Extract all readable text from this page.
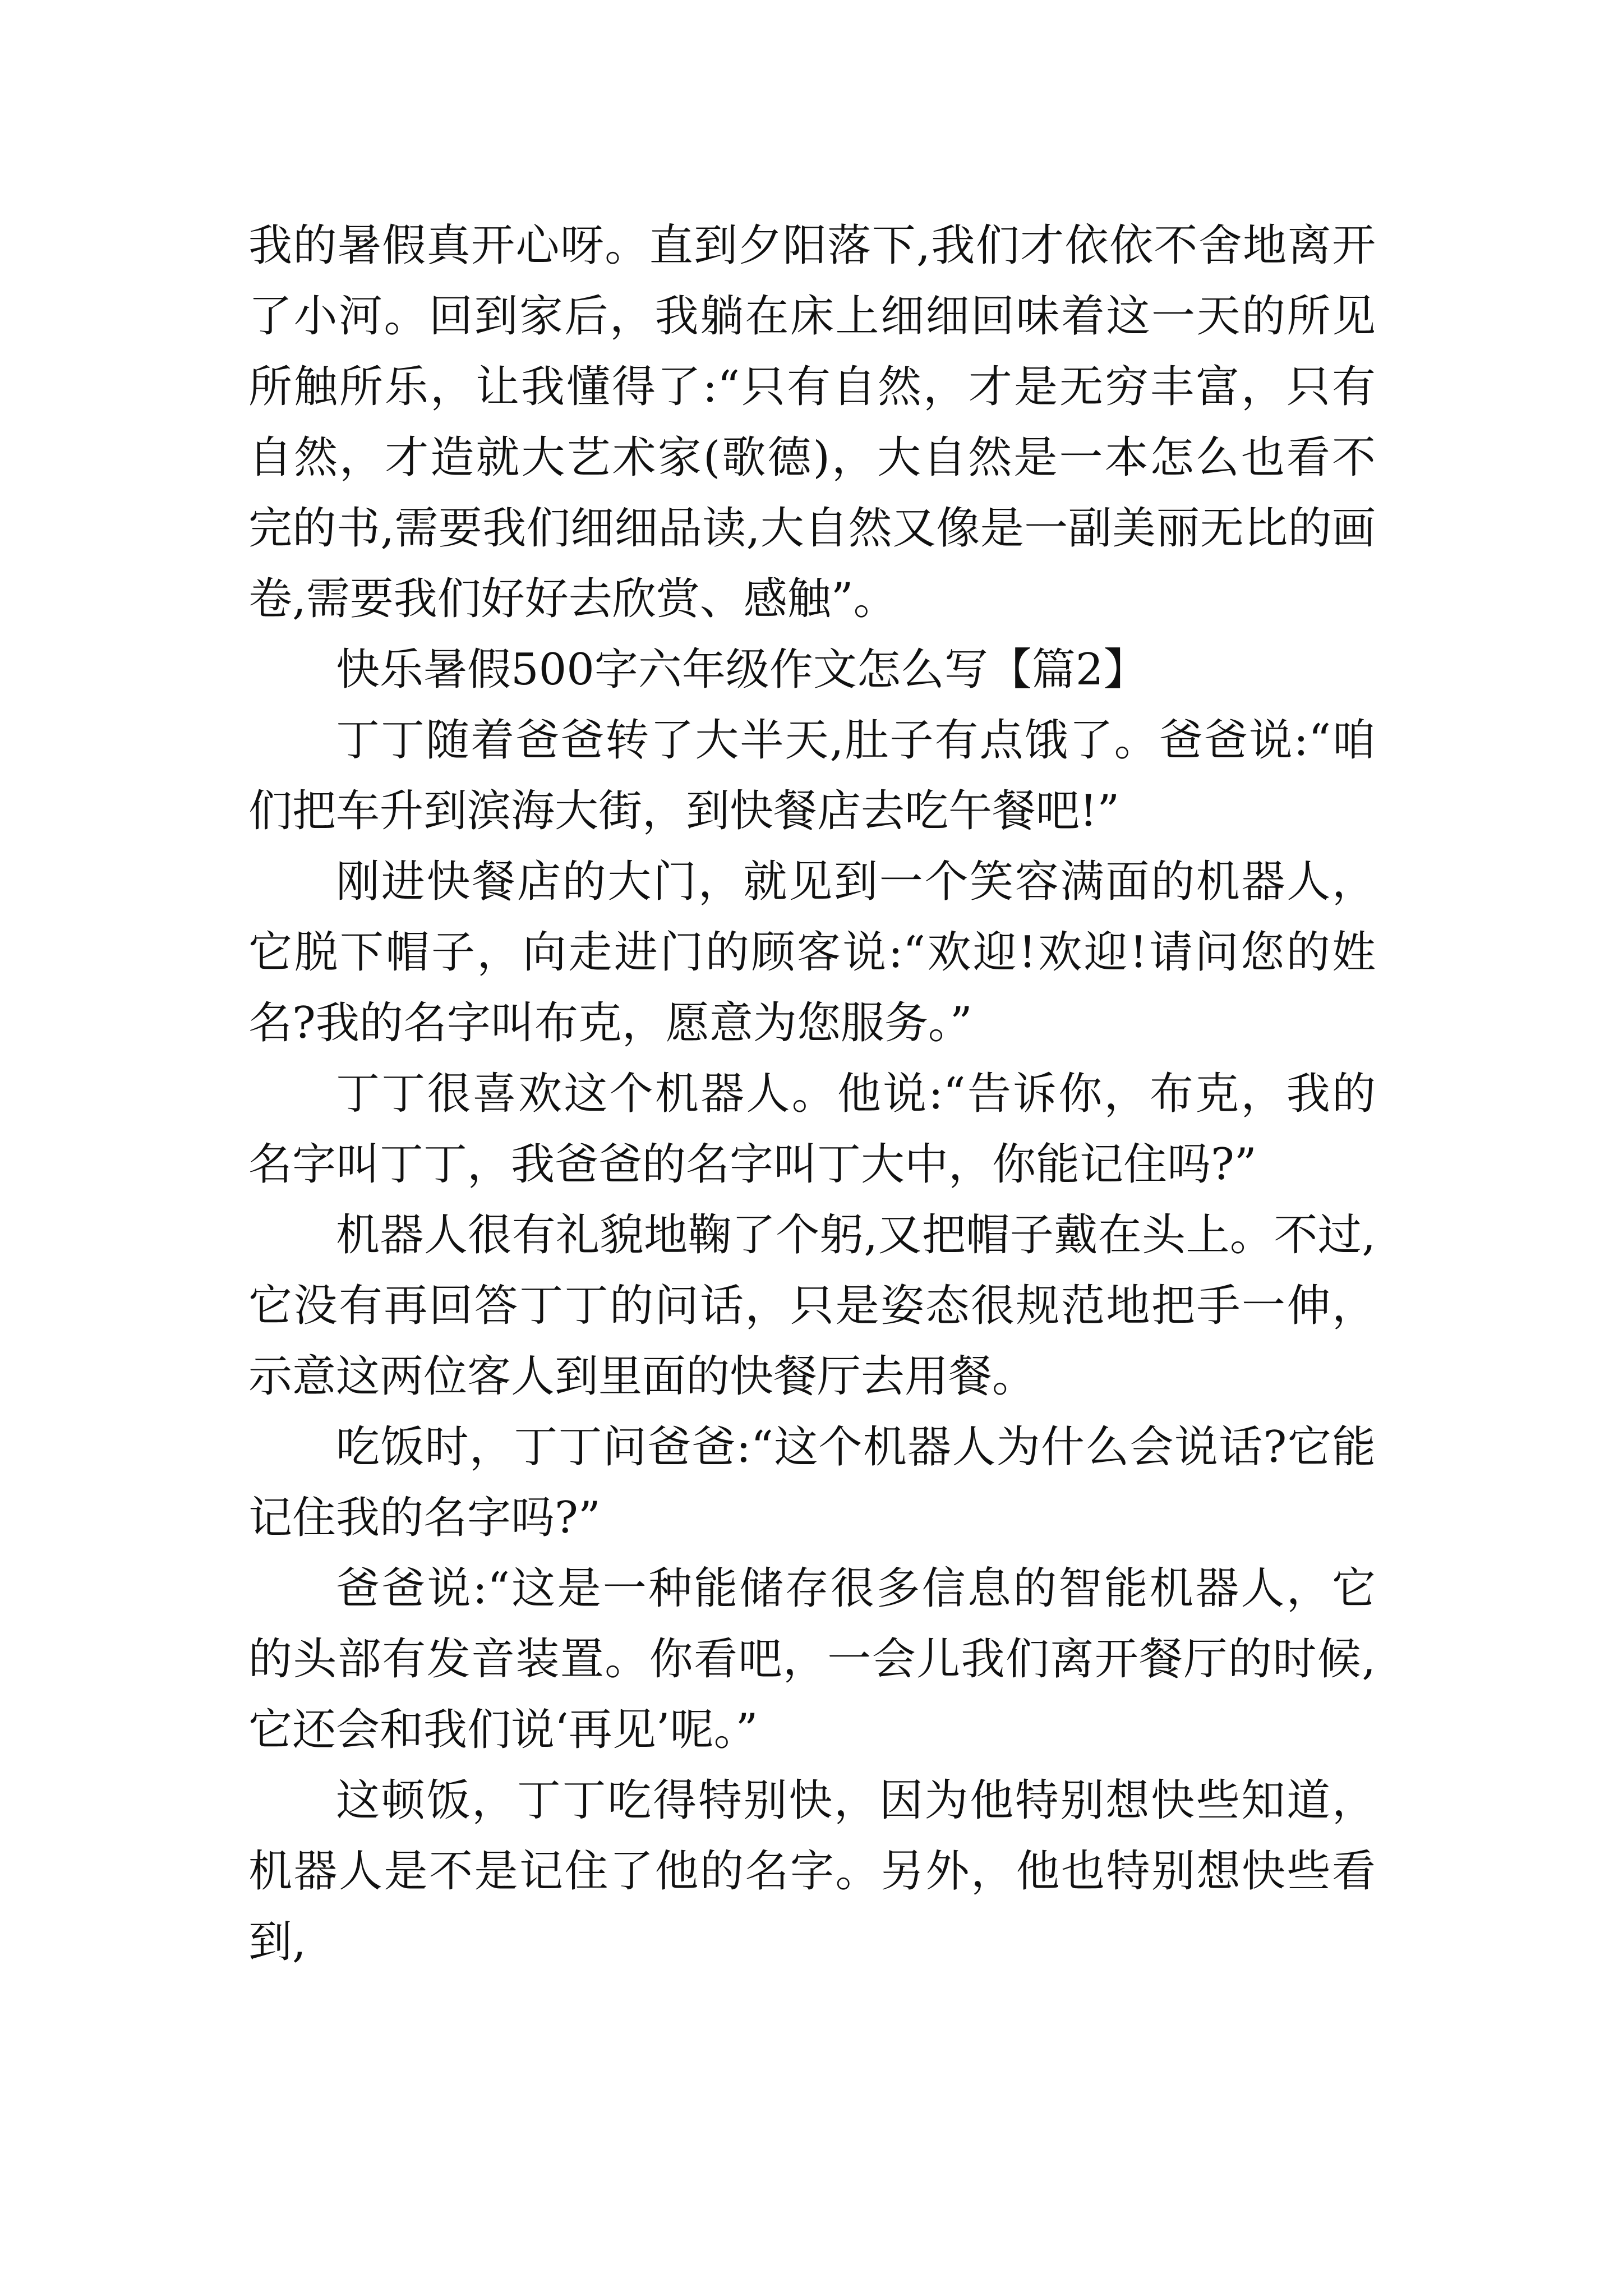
我的暑假真开心呀。直到夕阳落下,我们才依依不舍地离开了小河。回到家后，我躺在床上细细回味着这一天的所见所触所乐，让我懂得了:“只有自然，才是无穷丰富，只有自然，才造就大艺术家(歌德)，大自然是一本怎么也看不完的书,需要我们细细品读,大自然又像是一副美丽无比的画卷,需要我们好好去欣赏、感触”。

快乐暑假500字六年级作文怎么写【篇2】

丁丁随着爸爸转了大半天,肚子有点饿了。爸爸说:“咱们把车升到滨海大街，到快餐店去吃午餐吧!”

刚进快餐店的大门，就见到一个笑容满面的机器人，它脱下帽子，向走进门的顾客说:“欢迎!欢迎!请问您的姓名?我的名字叫布克，愿意为您服务。”

丁丁很喜欢这个机器人。他说:“告诉你，布克，我的名字叫丁丁，我爸爸的名字叫丁大中，你能记住吗?”

机器人很有礼貌地鞠了个躬,又把帽子戴在头上。不过,它没有再回答丁丁的问话，只是姿态很规范地把手一伸，示意这两位客人到里面的快餐厅去用餐。

吃饭时，丁丁问爸爸:“这个机器人为什么会说话?它能记住我的名字吗?”

爸爸说:“这是一种能储存很多信息的智能机器人，它的头部有发音装置。你看吧，一会儿我们离开餐厅的时候,它还会和我们说‘再见’呢。”

这顿饭，丁丁吃得特别快，因为他特别想快些知道，机器人是不是记住了他的名字。另外，他也特别想快些看到,
